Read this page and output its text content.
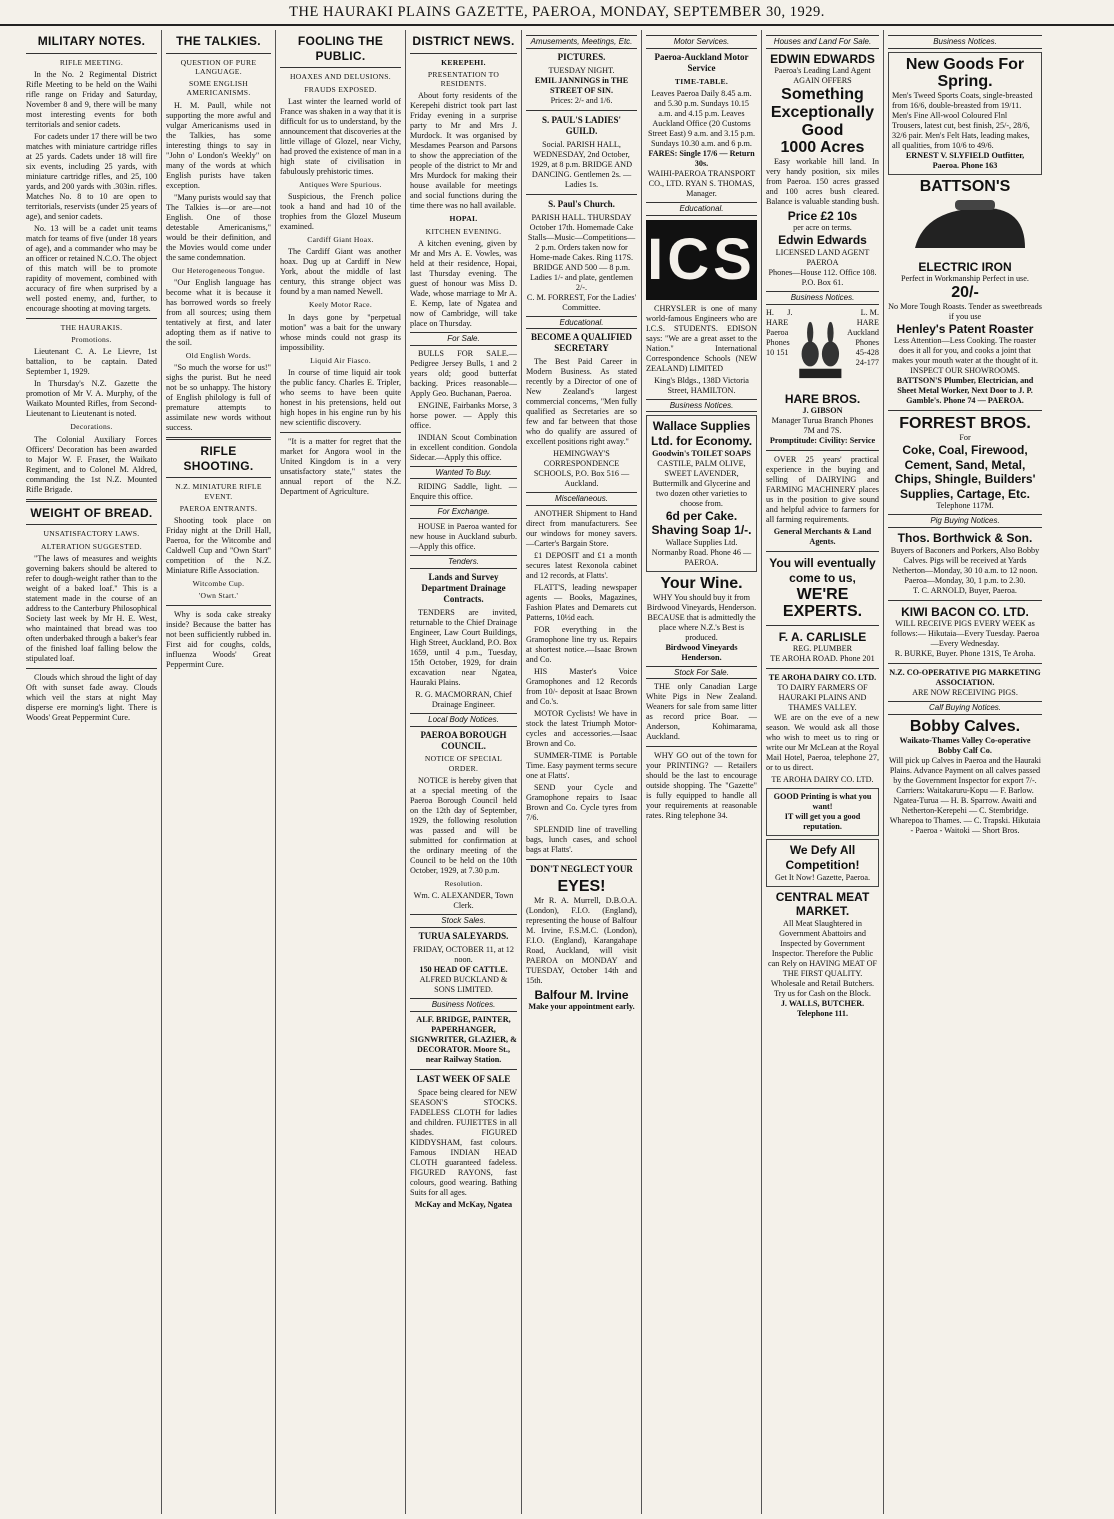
THE HAURAKI PLAINS GAZETTE, PAEROA, MONDAY, SEPTEMBER 30, 1929.
MILITARY NOTES.
RIFLE MEETING.

In the No. 2 Regimental District Rifle Meeting to be held on the Waihi rifle range on Friday and Saturday, November 8 and 9, there will be many most interesting events for both territorials and senior cadets.

For cadets under 17 there will be two matches with miniature cartridge rifles at 25 yards. Cadets under 18 will fire six events, including 25 yards, with miniature cartridge rifles, and 25, 100 yards, and 200 yards with .303in. rifles. Matches No. 8 to 10 are open to territorials, reservists (under 25 years of age), and senior cadets.

No. 13 will be a cadet unit teams match for teams of five (under 18 years of age), and a commander who may be an officer or retained N.C.O. The object of this match will be to promote rapidity of movement, combined with accuracy of fire when surprised by a well posted enemy, and, further, to encourage shooting at moving targets.

THE HAURAKIS.
Promotions.

Lieutenant C. A. Le Lievre, 1st battalion, to be captain. Dated September 1, 1929.

In Thursday's N.Z. Gazette the promotion of Mr V. A. Murphy, of the Waikato Mounted Rifles, from Second-Lieutenant to Lieutenant is noted.

Decorations.

The Colonial Auxiliary Forces Officers' Decoration has been awarded to Major W. F. Fraser, the Waikato Regiment, and to Colonel M. Aldred, commanding the 1st N.Z. Mounted Rifle Brigade.

WEIGHT OF BREAD.
UNSATISFACTORY LAWS.
ALTERATION SUGGESTED.

"The laws of measures and weights governing bakers should be altered to refer to dough-weight rather than to the weight of a baked loaf." This is a statement made in the course of an address to the Canterbury Philosophical Society last week by Mr H. E. West, who maintained that bread was too often underbaked through a baker's fear of the finished loaf falling below the stipulated loaf.

Clouds which shroud the light of day Oft with sunset fade away. Clouds which veil the stars at night May disperse ere morning's light. There is Woods' Great Peppermint Cure.

THE TALKIES.
QUESTION OF PURE LANGUAGE.
SOME ENGLISH AMERICANISMS.

H. M. Paull, while not supporting the more awful and vulgar Americanisms used in the Talkies, has some interesting things to say in "John o' London's Weekly" on many of the words at which English purists have taken exception.

"Many purists would say that The Talkies is—or are—not English. One of those detestable Americanisms," would be their definition, and the Movies would come under the same condemnation.

Our Heterogeneous Tongue.

"Our English language has become what it is because it has borrowed words so freely from all sources; using them tentatively at first, and later adopting them as if native to the soil.

Old English Words.

"So much the worse for us!" sighs the purist. But he need not be so unhappy. The history of English philology is full of premature attempts to assimilate new words without success.

RIFLE SHOOTING.
N.Z. MINIATURE RIFLE EVENT.
PAEROA ENTRANTS.

Shooting took place on Friday night at the Drill Hall, Paeroa, for the Witcombe and Caldwell Cup and "Own Start" competition of the N.Z. Miniature Rifle Association.

Witcombe Cup.
'Own Start.'

Why is soda cake streaky inside? Because the batter has not been sufficiently rubbed in. First aid for coughs, colds, influenza Woods' Great Peppermint Cure.

FOOLING THE PUBLIC.
HOAXES AND DELUSIONS.
FRAUDS EXPOSED.

Last winter the learned world of France was shaken in a way that it is difficult for us to understand, by the announcement that discoveries at the little village of Glozel, near Vichy, had proved the existence of man in a high state of civilisation in fabulously prehistoric times.

Antiques Were Spurious.

Suspicious, the French police took a hand and had 10 of the trophies from the Glozel Museum examined.

Cardiff Giant Hoax.

The Cardiff Giant was another hoax. Dug up at Cardiff in New York, about the middle of last century, this strange object was found by a man named Newell.

Keely Motor Race.

In days gone by "perpetual motion" was a bait for the unwary whose minds could not grasp its impossibility.

Liquid Air Fiasco.

In course of time liquid air took the public fancy. Charles E. Tripler, who seems to have been quite honest in his pretensions, held out high hopes in his engine run by his new scientific discovery.

"It is a matter for regret that the market for Angora wool in the United Kingdom is in a very unsatisfactory state," states the annual report of the N.Z. Department of Agriculture.

DISTRICT NEWS.
KEREPEHI.
PRESENTATION TO RESIDENTS.

About forty residents of the Kerepehi district took part last Friday evening in a surprise party to Mr and Mrs J. Murdock. It was organised by Mesdames Pearson and Parsons to show the appreciation of the people of the district to Mr and Mrs Murdock for making their house available for meetings and social functions during the time there was no hall available.

HOPAI.
KITCHEN EVENING.

A kitchen evening, given by Mr and Mrs A. E. Vowles, was held at their residence, Hopai, last Thursday evening. The guest of honour was Miss D. Wade, whose marriage to Mr A. E. Kemp, late of Ngatea and now of Cambridge, will take place on Thursday.

For Sale.

BULLS FOR SALE.—Pedigree Jersey Bulls, 1 and 2 years old; good butterfat backing. Prices reasonable—Apply Geo. Buchanan, Paeroa.

ENGINE, Fairbanks Morse, 3 horse power. — Apply this office.

INDIAN Scout Combination in excellent condition. Gondola Sidecar.—Apply this office.

Wanted To Buy.

RIDING Saddle, light. — Enquire this office.

For Exchange.

HOUSE in Paeroa wanted for new house in Auckland suburb.—Apply this office.

Tenders.
Lands and Survey Department Drainage Contracts.

TENDERS are invited, returnable to the Chief Drainage Engineer, Law Court Buildings, High Street, Auckland, P.O. Box 1659, until 4 p.m., Tuesday, 15th October, 1929, for drain excavation near Ngatea, Hauraki Plains.

R. G. MACMORRAN, Chief Drainage Engineer.
Local Body Notices.
PAEROA BOROUGH COUNCIL.
NOTICE OF SPECIAL ORDER.

NOTICE is hereby given that at a special meeting of the Paeroa Borough Council held on the 12th day of September, 1929, the following resolution was passed and will be submitted for confirmation at the ordinary meeting of the Council to be held on the 10th October, 1929, at 7.30 p.m.

Resolution.
Wm. C. ALEXANDER, Town Clerk.
Stock Sales.
TURUA SALEYARDS.
FRIDAY, OCTOBER 11, at 12 noon.
150 HEAD OF CATTLE.
ALFRED BUCKLAND & SONS LIMITED.
Business Notices.
ALF. BRIDGE, PAINTER, PAPERHANGER, SIGNWRITER, GLAZIER, & DECORATOR. Moore St., near Railway Station.
LAST WEEK OF SALE

Space being cleared for NEW SEASON'S STOCKS. FADELESS CLOTH for ladies and children. FUJIETTES in all shades. FIGURED KIDDYSHAM, fast colours. Famous INDIAN HEAD CLOTH guaranteed fadeless. FIGURED RAYONS, fast colours, good wearing. Bathing Suits for all ages.

McKay and McKay, Ngatea
Amusements, Meetings, Etc.
PICTURES.
TUESDAY NIGHT.
EMIL JANNINGS in THE STREET OF SIN.
Prices: 2/- and 1/6.
S. PAUL'S LADIES' GUILD.
Social. PARISH HALL, WEDNESDAY, 2nd October, 1929, at 8 p.m. BRIDGE AND DANCING. Gentlemen 2s. — Ladies 1s.
S. Paul's Church.
PARISH HALL. THURSDAY October 17th. Homemade Cake Stalls—Music—Competitions—2 p.m. Orders taken now for Home-made Cakes. Ring 117S. BRIDGE AND 500 — 8 p.m. Ladies 1/- and plate, gentlemen 2/-.
C. M. FORREST, For the Ladies' Committee.
Educational.
BECOME A QUALIFIED SECRETARY

The Best Paid Career in Modern Business. As stated recently by a Director of one of New Zealand's largest commercial concerns, "Men fully qualified as Secretaries are so few and far between that those who do qualify are assured of excellent positions right away."

HEMINGWAY'S CORRESPONDENCE SCHOOLS, P.O. Box 516 — Auckland.
Miscellaneous.

ANOTHER Shipment to Hand direct from manufacturers. See our windows for money savers.—Carter's Bargain Store.

£1 DEPOSIT and £1 a month secures latest Rexonola cabinet and 12 records, at Flatts'.

FLATT'S, leading newspaper agents — Books, Magazines, Fashion Plates and Demarets cut Patterns, 10½d each.

FOR everything in the Gramophone line try us. Repairs at shortest notice.—Isaac Brown and Co.

HIS Master's Voice Gramophones and 12 Records from 10/- deposit at Isaac Brown and Co.'s.

MOTOR Cyclists! We have in stock the latest Triumph Motor-cycles and accessories.—Isaac Brown and Co.

SUMMER-TIME is Portable Time. Easy payment terms secure one at Flatts'.

SEND your Cycle and Gramophone repairs to Isaac Brown and Co. Cycle tyres from 7/6.

SPLENDID line of travelling bags, lunch cases, and school bags at Flatts'.

DON'T NEGLECT YOUR
EYES!

Mr R. A. Murrell, D.B.O.A. (London), F.I.O. (England), representing the house of Balfour M. Irvine, F.S.M.C. (London), F.I.O. (England), Karangahape Road, Auckland, will visit PAEROA on MONDAY and TUESDAY, October 14th and 15th.

Balfour M. Irvine
Make your appointment early.
Motor Services.
Paeroa-Auckland Motor Service
TIME-TABLE.
Leaves Paeroa Daily 8.45 a.m. and 5.30 p.m. Sundays 10.15 a.m. and 4.15 p.m. Leaves Auckland Office (20 Customs Street East) 9 a.m. and 3.15 p.m. Sundays 10.30 a.m. and 6 p.m.
FARES: Single 17/6 — Return 30s.
WAIHI-PAEROA TRANSPORT CO., LTD. RYAN S. THOMAS, Manager.
Educational.
ICS

CHRYSLER is one of many world-famous Engineers who are I.C.S. STUDENTS. EDISON says: "We are a great asset to the Nation." International Correspondence Schools (NEW ZEALAND) LIMITED

King's Bldgs., 138D Victoria Street, HAMILTON.
Business Notices.
Wallace Supplies Ltd. for Economy.
Goodwin's TOILET SOAPS
CASTILE, PALM OLIVE, SWEET LAVENDER, Buttermilk and Glycerine and two dozen other varieties to choose from.
6d per Cake.
Shaving Soap 1/-.
Wallace Supplies Ltd. Normanby Road. Phone 46 — PAEROA.
Your Wine.
WHY You should buy it from Birdwood Vineyards, Henderson. BECAUSE that is admittedly the place where N.Z.'s Best is produced.
Birdwood Vineyards Henderson.
Stock For Sale.

THE only Canadian Large White Pigs in New Zealand. Weaners for sale from same litter as record price Boar. — Anderson, Kohimarama, Auckland.

WHY GO out of the town for your PRINTING? — Retailers should be the last to encourage outside shopping. The "Gazette" is fully equipped to handle all your requirements at reasonable rates. Ring telephone 34.

Houses and Land For Sale.
EDWIN EDWARDS
Paeroa's Leading Land Agent AGAIN OFFERS
Something Exceptionally Good
1000 Acres

Easy workable hill land. In very handy position, six miles from Paeroa. 150 acres grassed and 100 acres bush cleared. Balance is valuable standing bush.

Price £2 10s
per acre on terms.
Edwin Edwards
LICENSED LAND AGENT PAEROA
Phones—House 112. Office 108. P.O. Box 61.
Business Notices.
H. J. HARE Paeroa Phones 10 151
L. M. HARE Auckland Phones 45-428 24-177
HARE BROS.
J. GIBSON
Manager Turua Branch Phones 7M and 7S.
Promptitude: Civility: Service

OVER 25 years' practical experience in the buying and selling of DAIRYING and FARMING MACHINERY places us in the position to give sound and helpful advice to farmers for all farming requirements.

General Merchants & Land Agents.
You will eventually come to us,
WE'RE EXPERTS.
F. A. CARLISLE
REG. PLUMBER
TE AROHA ROAD. Phone 201
TE AROHA DAIRY CO. LTD.
TO DAIRY FARMERS OF HAURAKI PLAINS AND THAMES VALLEY.

WE are on the eve of a new season. We would ask all those who wish to meet us to ring or write our Mr McLean at the Royal Mail Hotel, Paeroa, telephone 27, or to us direct.

TE AROHA DAIRY CO. LTD.
GOOD Printing is what you want!
IT will get you a good reputation.
We Defy All Competition!
Get It Now! Gazette, Paeroa.
CENTRAL MEAT MARKET.
All Meat Slaughtered in Government Abattoirs and Inspected by Government Inspector. Therefore the Public can Rely on HAVING MEAT OF THE FIRST QUALITY. Wholesale and Retail Butchers. Try us for Cash on the Block.
J. WALLS, BUTCHER. Telephone 111.
Business Notices.
New Goods For Spring.
Men's Tweed Sports Coats, single-breasted from 16/6, double-breasted from 19/11. Men's Fine All-wool Coloured Flnl Trousers, latest cut, best finish, 25/-, 28/6, 32/6 pair. Men's Felt Hats, leading makes, all qualities, from 10/6 to 49/6.
ERNEST V. SLYFIELD Outfitter, Paeroa. Phone 163
BATTSON'S
ELECTRIC IRON
Perfect in Workmanship Perfect in use.
20/-
No More Tough Roasts. Tender as sweetbreads if you use
Henley's Patent Roaster
Less Attention—Less Cooking. The roaster does it all for you, and cooks a joint that makes your mouth water at the thought of it. INSPECT OUR SHOWROOMS.
BATTSON'S Plumber, Electrician, and Sheet Metal Worker, Next Door to J. P. Gamble's. Phone 74 — PAEROA.
FORREST BROS.
For
Coke, Coal, Firewood, Cement, Sand, Metal, Chips, Shingle, Builders' Supplies, Cartage, Etc.
Telephone 117M.
Pig Buying Notices.
Thos. Borthwick & Son.
Buyers of Baconers and Porkers, Also Bobby Calves. Pigs will be received at Yards Netherton—Monday, 30 10 a.m. to 12 noon. Paeroa—Monday, 30, 1 p.m. to 2.30.
T. C. ARNOLD, Buyer, Paeroa.
KIWI BACON CO. LTD.
WILL RECEIVE PIGS EVERY WEEK as follows:— Hikutaia—Every Tuesday. Paeroa—Every Wednesday.
R. BURKE, Buyer. Phone 131S, Te Aroha.
N.Z. CO-OPERATIVE PIG MARKETING ASSOCIATION.
ARE NOW RECEIVING PIGS.
Calf Buying Notices.
Bobby Calves.
Waikato-Thames Valley Co-operative Bobby Calf Co.
Will pick up Calves in Paeroa and the Hauraki Plains. Advance Payment on all calves passed by the Government Inspector for export 7/-. Carriers: Waitakaruru-Kopu — F. Barlow. Ngatea-Turua — H. B. Sparrow. Awaiti and Netherton-Kerepehi — C. Stembridge. Wharepoa to Thames. — C. Trapski. Hikutaia - Paeroa - Waitoki — Short Bros.
